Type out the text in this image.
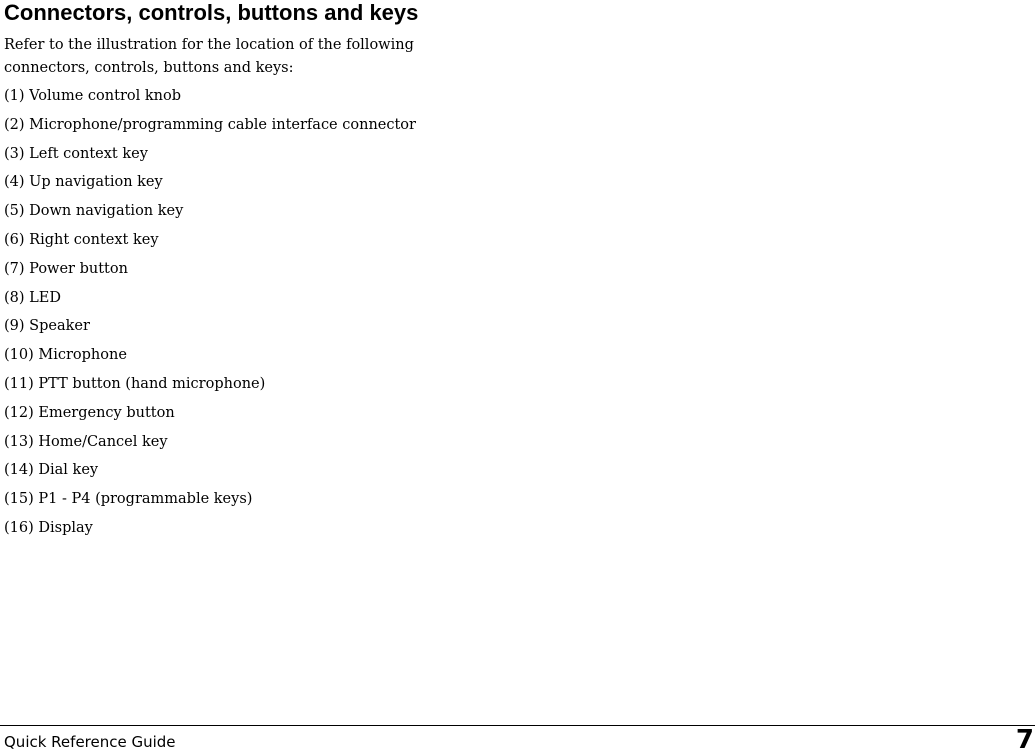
Connectors, controls, buttons and keys

Refer to the illustration for the location of the following connectors, controls, buttons and keys:

(1) Volume control knob
(2) Microphone/programming cable interface connector
(3) Left context key
(4) Up navigation key
(5) Down navigation key
(6) Right context key
(7) Power button
(8) LED
(9) Speaker
(10) Microphone
(11) PTT button (hand microphone)
(12) Emergency button
(13) Home/Cancel key
(14) Dial key
(15) P1 - P4 (programmable keys)
(16) Display
Quick Reference Guide	7
